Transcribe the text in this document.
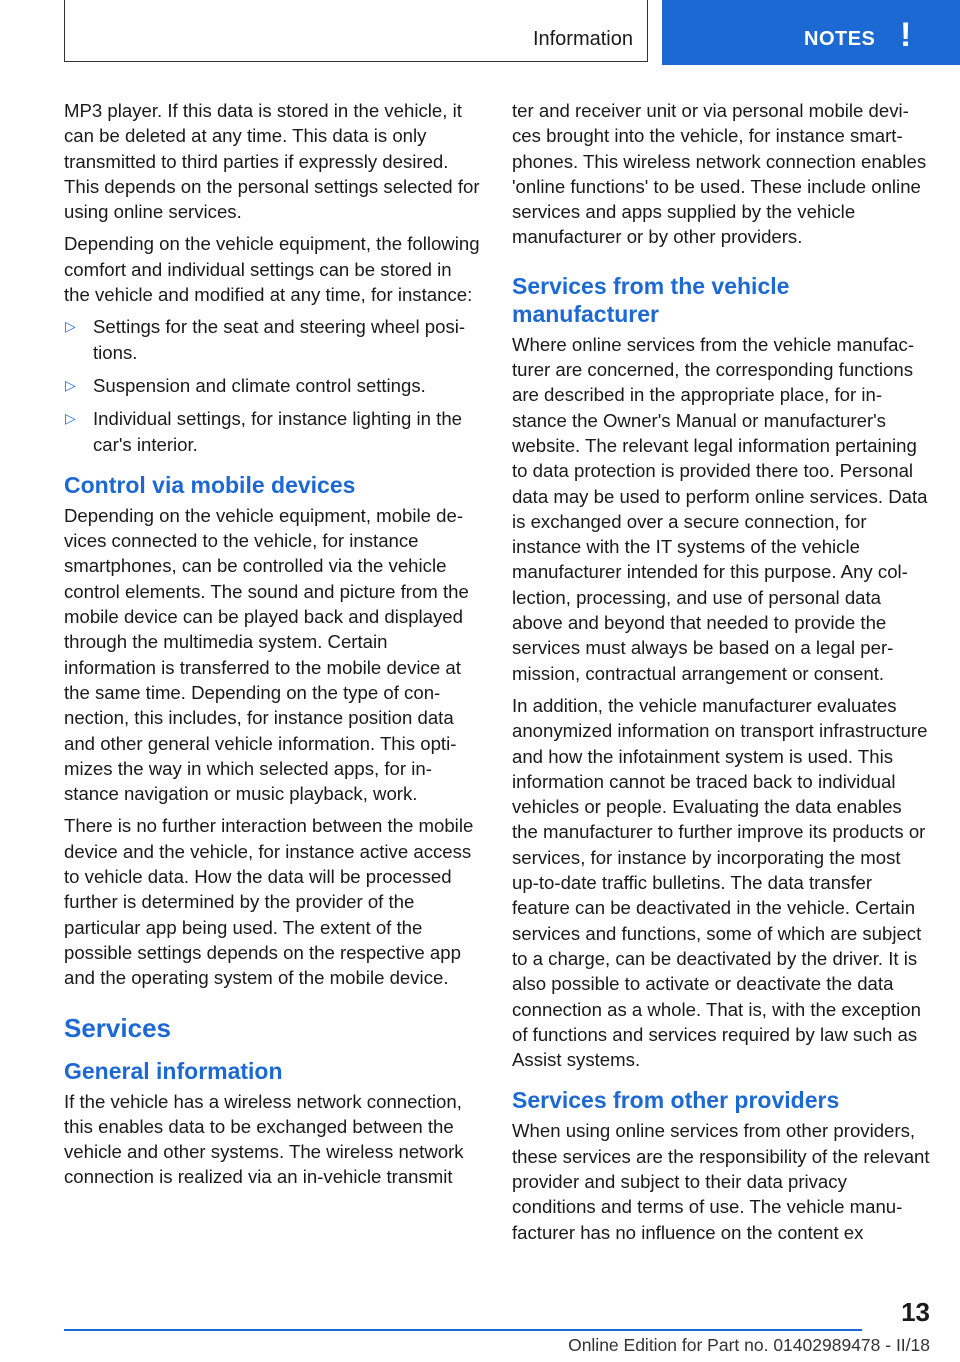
Information	NOTES !

MP3 player. If this data is stored in the vehicle, it can be deleted at any time. This data is only transmitted to third parties if expressly desired. This depends on the personal settings selected for using online services.

Depending on the vehicle equipment, the following comfort and individual settings can be stored in the vehicle and modified at any time, for instance:

▷ Settings for the seat and steering wheel positions.
▷ Suspension and climate control settings.
▷ Individual settings, for instance lighting in the car's interior.
Control via mobile devices

Depending on the vehicle equipment, mobile devices connected to the vehicle, for instance smartphones, can be controlled via the vehicle control elements. The sound and picture from the mobile device can be played back and displayed through the multimedia system. Certain information is transferred to the mobile device at the same time. Depending on the type of connection, this includes, for instance position data and other general vehicle information. This optimizes the way in which selected apps, for instance navigation or music playback, work.

There is no further interaction between the mobile device and the vehicle, for instance active access to vehicle data. How the data will be processed further is determined by the provider of the particular app being used. The extent of the possible settings depends on the respective app and the operating system of the mobile device.

Services
General information

If the vehicle has a wireless network connection, this enables data to be exchanged between the vehicle and other systems. The wireless network connection is realized via an in-vehicle transmit

ter and receiver unit or via personal mobile devices brought into the vehicle, for instance smartphones. This wireless network connection enables 'online functions' to be used. These include online services and apps supplied by the vehicle manufacturer or by other providers.

Services from the vehicle manufacturer

Where online services from the vehicle manufacturer are concerned, the corresponding functions are described in the appropriate place, for instance the Owner's Manual or manufacturer's website. The relevant legal information pertaining to data protection is provided there too. Personal data may be used to perform online services. Data is exchanged over a secure connection, for instance with the IT systems of the vehicle manufacturer intended for this purpose. Any collection, processing, and use of personal data above and beyond that needed to provide the services must always be based on a legal permission, contractual arrangement or consent.

In addition, the vehicle manufacturer evaluates anonymized information on transport infrastructure and how the infotainment system is used. This information cannot be traced back to individual vehicles or people. Evaluating the data enables the manufacturer to further improve its products or services, for instance by incorporating the most up-to-date traffic bulletins. The data transfer feature can be deactivated in the vehicle. Certain services and functions, some of which are subject to a charge, can be deactivated by the driver. It is also possible to activate or deactivate the data connection as a whole. That is, with the exception of functions and services required by law such as Assist systems.

Services from other providers

When using online services from other providers, these services are the responsibility of the relevant provider and subject to their data privacy conditions and terms of use. The vehicle manufacturer has no influence on the content ex

13
Online Edition for Part no. 01402989478 - II/18
